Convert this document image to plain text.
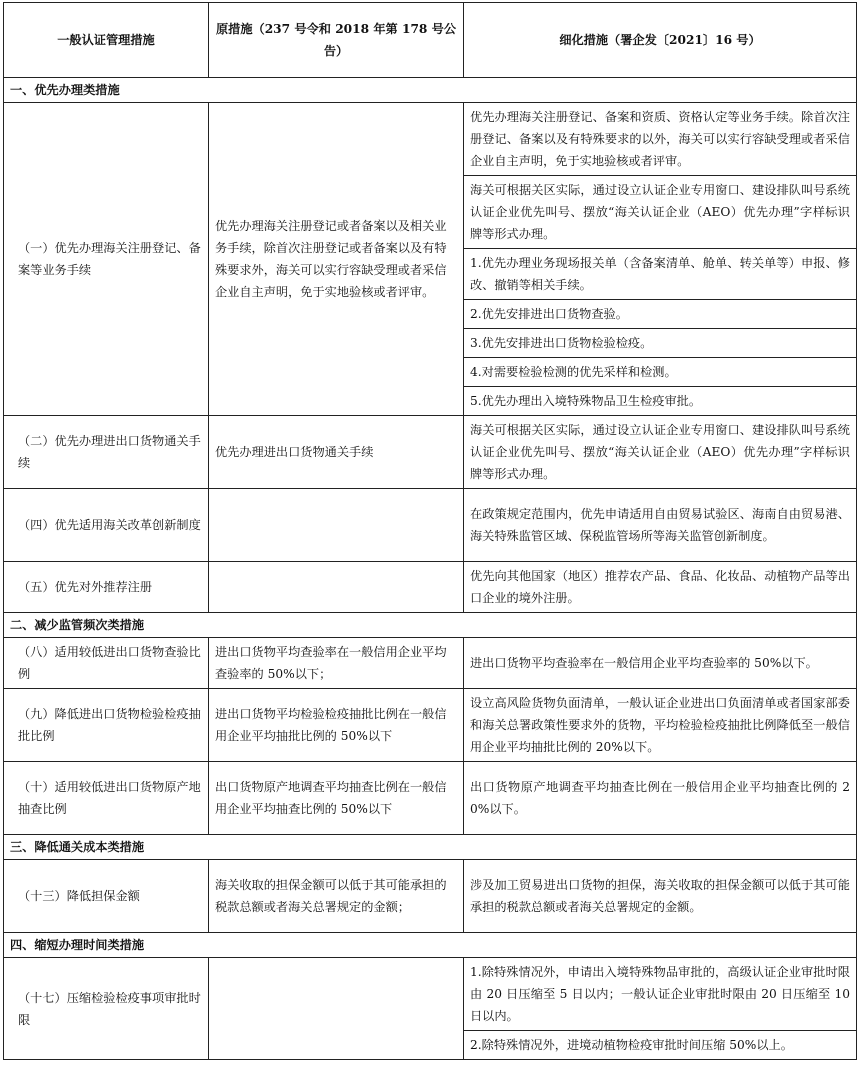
一般认证管理措施	原措施（237 号令和 2018 年第 178 号公告）	细化措施（署企发〔2021〕16 号）
一、优先办理类措施		
（一）优先办理海关注册登记、备案等业务手续	优先办理海关注册登记或者备案以及相关业务手续，除首次注册登记或者备案以及有特殊要求外，海关可以实行容缺受理或者采信企业自主声明，免于实地验核或者评审。	优先办理海关注册登记、备案和资质、资格认定等业务手续。除首次注册登记、备案以及有特殊要求的以外，海关可以实行容缺受理或者采信企业自主声明，免于实地验核或者评审。
		海关可根据关区实际，通过设立认证企业专用窗口、建设排队叫号系统认证企业优先叫号、摆放“海关认证企业（AEO）优先办理”字样标识牌等形式办理。
		1.优先办理业务现场报关单（含备案清单、舱单、转关单等）申报、修改、撤销等相关手续。
		2.优先安排进出口货物查验。
		3.优先安排进出口货物检验检疫。
		4.对需要检验检测的优先采样和检测。
		5.优先办理出入境特殊物品卫生检疫审批。
（二）优先办理进出口货物通关手续	优先办理进出口货物通关手续	海关可根据关区实际，通过设立认证企业专用窗口、建设排队叫号系统认证企业优先叫号、摆放“海关认证企业（AEO）优先办理”字样标识牌等形式办理。
（四）优先适用海关改革创新制度		在政策规定范围内，优先申请适用自由贸易试验区、海南自由贸易港、海关特殊监管区域、保税监管场所等海关监管创新制度。
（五）优先对外推荐注册		优先向其他国家（地区）推荐农产品、食品、化妆品、动植物产品等出口企业的境外注册。
二、减少监管频次类措施		
（八）适用较低进出口货物查验比例	进出口货物平均查验率在一般信用企业平均查验率的 50%以下；	进出口货物平均查验率在一般信用企业平均查验率的 50%以下。
（九）降低进出口货物检验检疫抽批比例	进出口货物平均检验检疫抽批比例在一般信用企业平均抽批比例的 50%以下	设立高风险货物负面清单，一般认证企业进出口负面清单或者国家部委和海关总署政策性要求外的货物，平均检验检疫抽批比例降低至一般信用企业平均抽批比例的 20%以下。
（十）适用较低进出口货物原产地抽查比例	出口货物原产地调查平均抽查比例在一般信用企业平均抽查比例的 50%以下	出口货物原产地调查平均抽查比例在一般信用企业平均抽查比例的 20%以下。
三、降低通关成本类措施		
（十三）降低担保金额	海关收取的担保金额可以低于其可能承担的税款总额或者海关总署规定的金额；	涉及加工贸易进出口货物的担保，海关收取的担保金额可以低于其可能承担的税款总额或者海关总署规定的金额。
四、缩短办理时间类措施		
（十七）压缩检验检疫事项审批时限		1.除特殊情况外，申请出入境特殊物品审批的，高级认证企业审批时限由 20 日压缩至 5 日以内；一般认证企业审批时限由 20 日压缩至 10 日以内。
		2.除特殊情况外，进境动植物检疫审批时间压缩 50%以上。
